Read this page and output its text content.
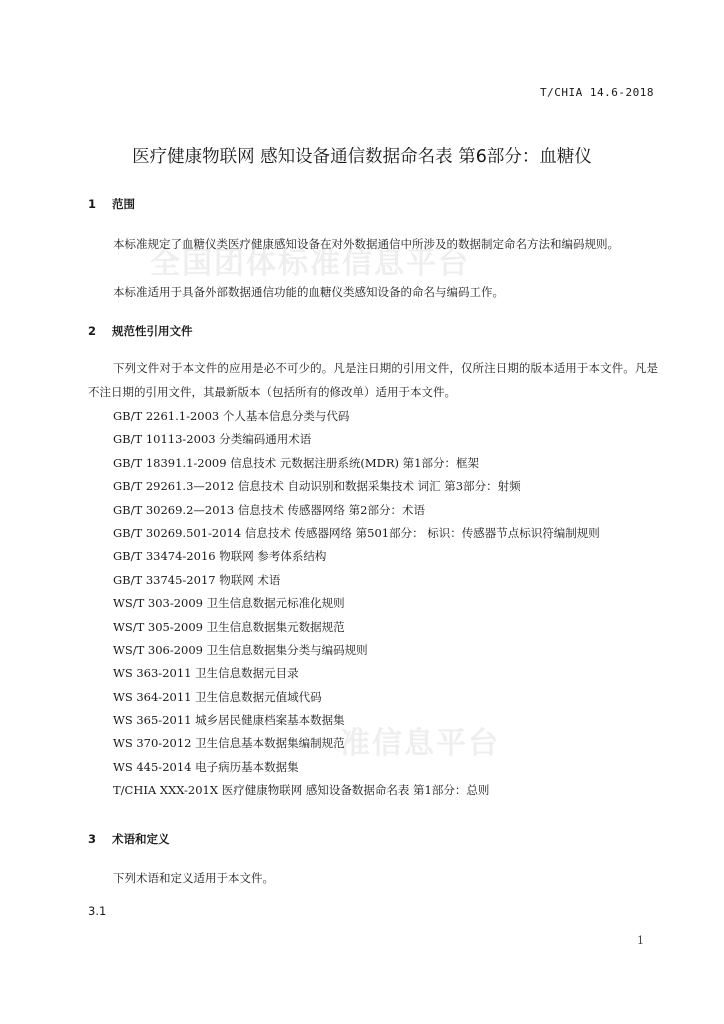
T/CHIA 14.6-2018
医疗健康物联网 感知设备通信数据命名表 第6部分：血糖仪
全国团体标准信息平台
准信息平台
1 范围
本标准规定了血糖仪类医疗健康感知设备在对外数据通信中所涉及的数据制定命名方法和编码规则。
本标准适用于具备外部数据通信功能的血糖仪类感知设备的命名与编码工作。
2 规范性引用文件
下列文件对于本文件的应用是必不可少的。凡是注日期的引用文件，仅所注日期的版本适用于本文件。凡是不注日期的引用文件，其最新版本（包括所有的修改单）适用于本文件。
GB/T 2261.1-2003 个人基本信息分类与代码
GB/T 10113-2003 分类编码通用术语
GB/T 18391.1-2009 信息技术 元数据注册系统(MDR) 第1部分：框架
GB/T 29261.3—2012 信息技术 自动识别和数据采集技术 词汇 第3部分：射频
GB/T 30269.2—2013 信息技术 传感器网络 第2部分：术语
GB/T 30269.501-2014 信息技术 传感器网络 第501部分： 标识：传感器节点标识符编制规则
GB/T 33474-2016 物联网 参考体系结构
GB/T 33745-2017 物联网 术语
WS/T 303-2009 卫生信息数据元标准化规则
WS/T 305-2009 卫生信息数据集元数据规范
WS/T 306-2009 卫生信息数据集分类与编码规则
WS 363-2011 卫生信息数据元目录
WS 364-2011 卫生信息数据元值域代码
WS 365-2011 城乡居民健康档案基本数据集
WS 370-2012 卫生信息基本数据集编制规范
WS 445-2014 电子病历基本数据集
T/CHIA XXX-201X 医疗健康物联网 感知设备数据命名表 第1部分：总则
3 术语和定义
下列术语和定义适用于本文件。
3.1
1
